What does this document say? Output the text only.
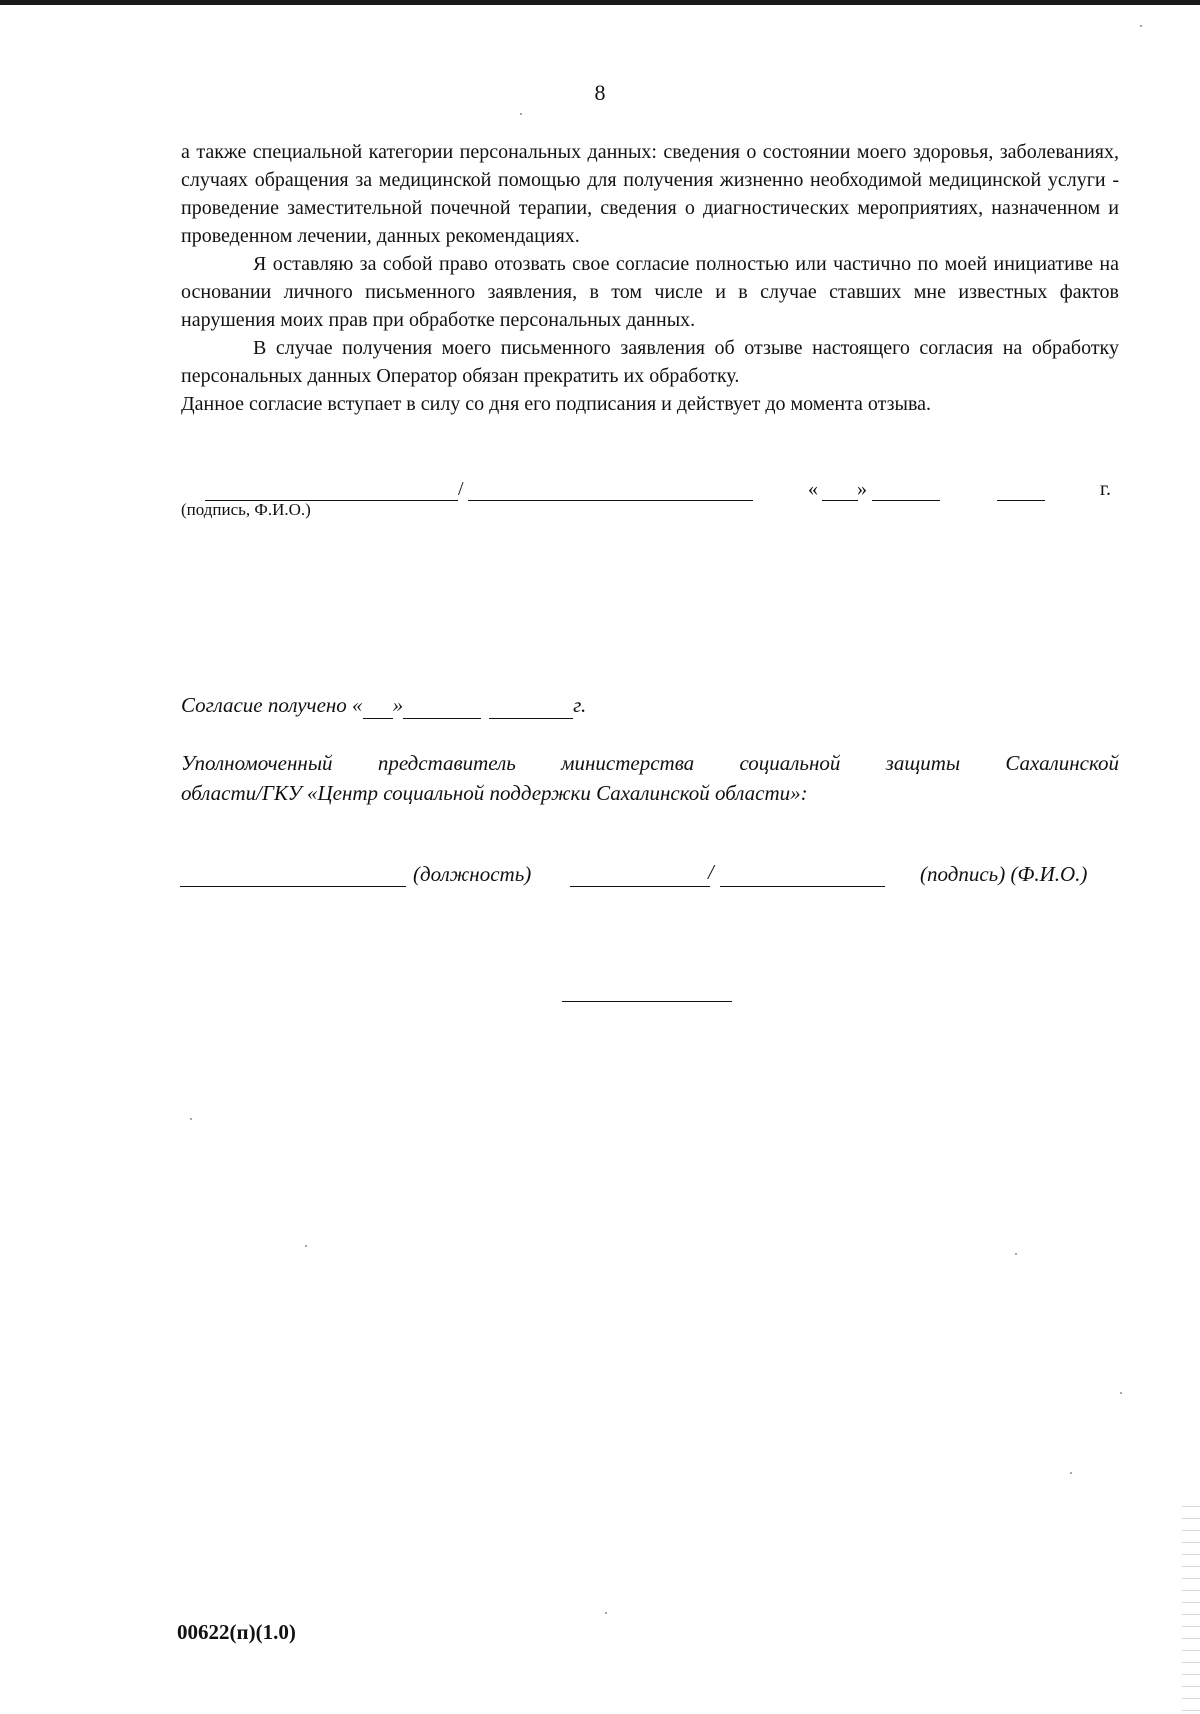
8

а также специальной категории персональных данных: сведения о состоянии моего здоровья, заболеваниях, случаях обращения за медицинской помощью для получения жизненно необходимой медицинской услуги - проведение заместительной почечной терапии, сведения о диагностических мероприятиях, назначенном и проведенном лечении, данных рекомендациях.

Я оставляю за собой право отозвать свое согласие полностью или частично по моей инициативе на основании личного письменного заявления, в том числе и в случае ставших мне известных фактов нарушения моих прав при обработке персональных данных.

В случае получения моего письменного заявления об отзыве настоящего согласия на обработку персональных данных Оператор обязан прекратить их обработку.

Данное согласие вступает в силу со дня его подписания и действует до момента отзыва.

/	« »	г.
(подпись, Ф.И.О.)
Согласие получено « »	г.
Уполномоченный представитель министерства социальной защиты Сахалинской
области/ГКУ «Центр социальной поддержки Сахалинской области»:
(должность)	/	(подпись) (Ф.И.О.)
00622(п)(1.0)
